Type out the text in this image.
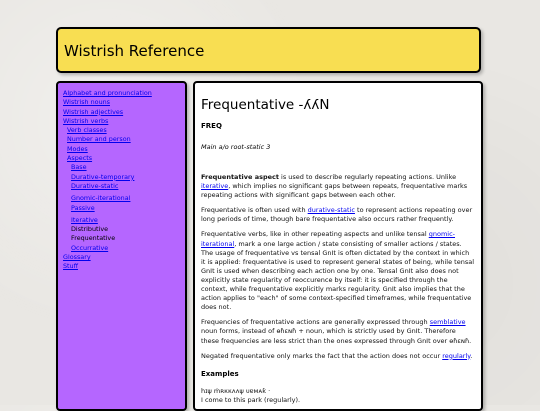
Wistrish Reference
Alphabet and pronunciation
Wistrish nouns
Wistrish adjectives
Wistrish verbs
Verb classes
Number and person
Modes
Aspects
Base
Durative-temporary
Durative-static
Gnomic-iterational
Passive
Iterative
Distributive
Frequentative
Occurrative
Glossary
Stuff
Frequentative -ʎʎN
FREQ
Main a/o root-static 3

Frequentative aspect is used to describe regularly repeating actions. Unlike iterative, which implies no significant gaps between repeats, frequentative marks repeating actions with significant gaps between each other.

Frequentative is often used with durative-static to represent actions repeating over long periods of time, though bare frequentative also occurs rather frequently.

Frequentative verbs, like in other repeating aspects and unlike tensal gnomic-iterational, mark a one large action / state consisting of smaller actions / states. The usage of frequentative vs tensal GnIt is often dictated by the context in which it is applied: frequentative is used to represent general states of being, while tensal GnIt is used when describing each action one by one. Tensal GnIt also does not explicitly state regularity of reoccurence by itself: it is specified through the context, while frequentative explicitly marks regularity. GnIt also implies that the action applies to "each" of some context-specified timeframes, while frequentative does not.

Frequencies of frequentative actions are generally expressed through semblative noun forms, instead of ɵɦɛɴɦ + noun, which is strictly used by GnIt. Therefore these frequencies are less strict than the ones expressed through GnIt over ɵɦɛɴɦ.

Negated frequentative only marks the fact that the action does not occur regularly.

Examples

hɪψ ṁʀκκʌʌψ ᴜɐᴍᴀƙ ·

I come to this park (regularly).
